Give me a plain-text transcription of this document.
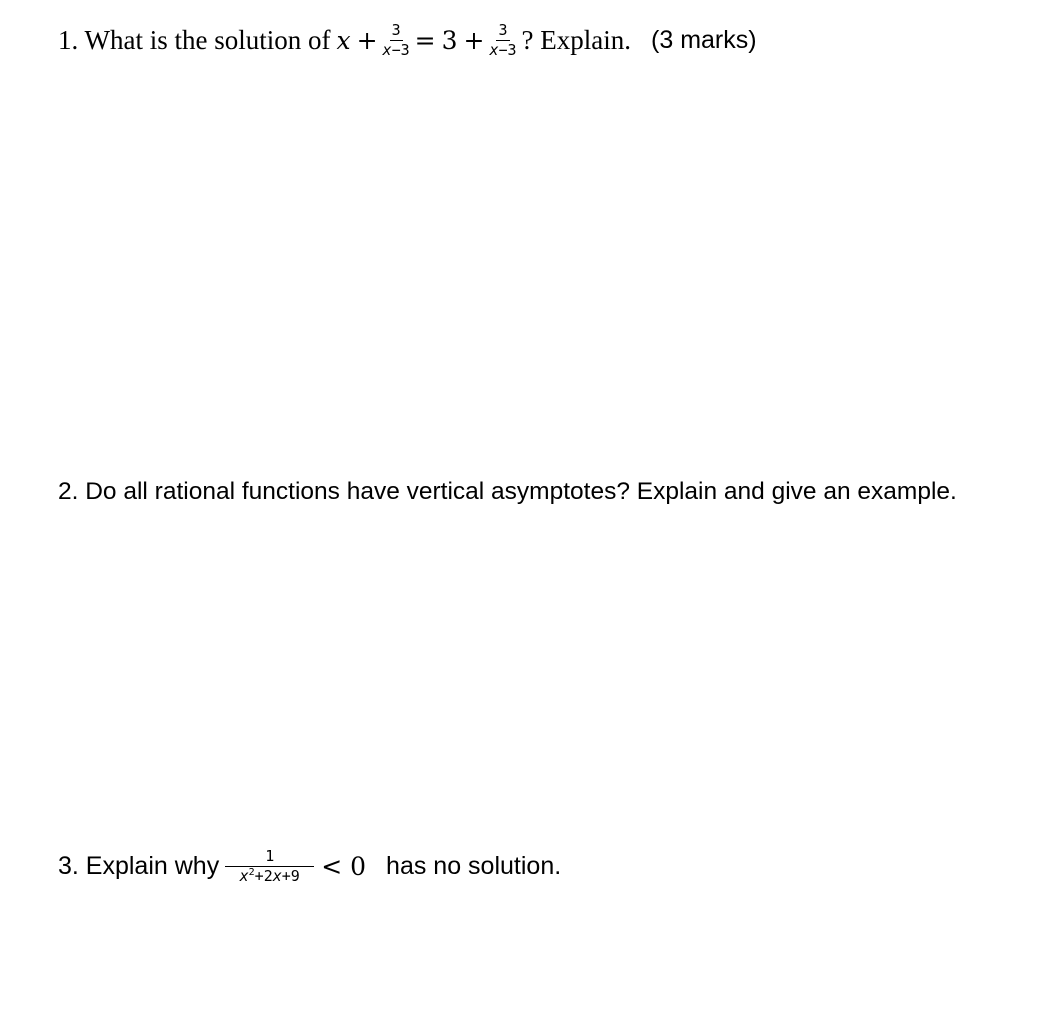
1. What is the solution of $x + \frac{3}{x-3} = 3 + \frac{3}{x-3}$ ? Explain. (3 marks)
2. Do all rational functions have vertical asymptotes? Explain and give an example.
3. Explain why $\frac{1}{x^2+2x+9} < 0$ has no solution.
